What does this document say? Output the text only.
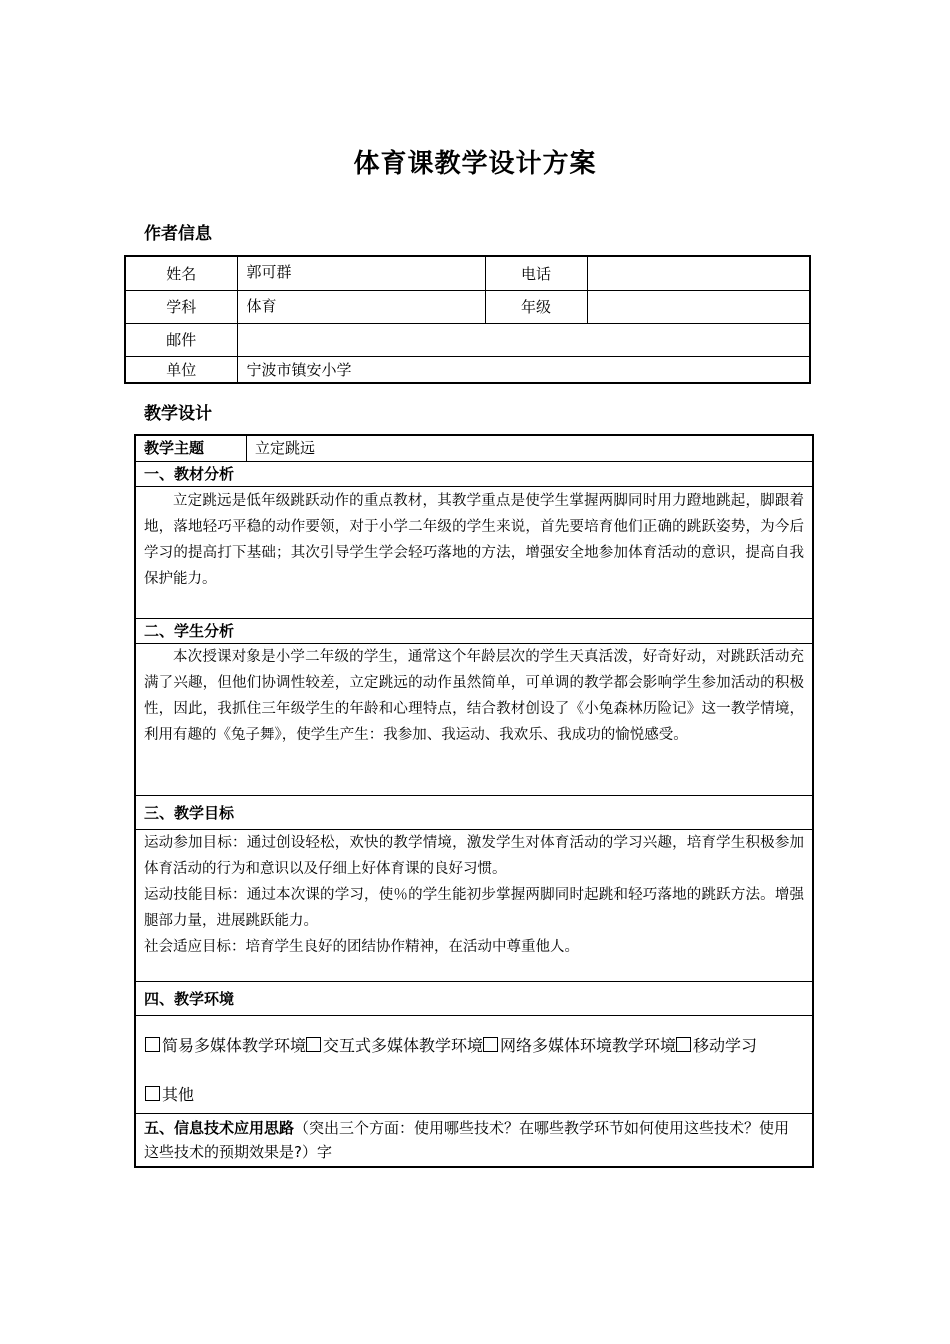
体育课教学设计方案
作者信息
姓名	郭可群	电话	
学科	体育	年级	
邮件			
单位	宁波市镇安小学		
教学设计
教学主题	立定跳远
一、教材分析
立定跳远是低年级跳跃动作的重点教材，其教学重点是使学生掌握两脚同时用力蹬地跳起，脚跟着地，落地轻巧平稳的动作要领，对于小学二年级的学生来说，首先要培育他们正确的跳跃姿势，为今后学习的提高打下基础；其次引导学生学会轻巧落地的方法，增强安全地参加体育活动的意识，提高自我保护能力。
二、学生分析
本次授课对象是小学二年级的学生，通常这个年龄层次的学生天真活泼，好奇好动，对跳跃活动充满了兴趣，但他们协调性较差，立定跳远的动作虽然简单，可单调的教学都会影响学生参加活动的积极性，因此，我抓住三年级学生的年龄和心理特点，结合教材创设了《小兔森林历险记》这一教学情境，利用有趣的《兔子舞》，使学生产生：我参加、我运动、我欢乐、我成功的愉悦感受。
三、教学目标

运动参加目标：通过创设轻松，欢快的教学情境，激发学生对体育活动的学习兴趣，培育学生积极参加体育活动的行为和意识以及仔细上好体育课的良好习惯。
运动技能目标：通过本次课的学习，使％的学生能初步掌握两脚同时起跳和轻巧落地的跳跃方法。增强腿部力量，进展跳跃能力。
社会适应目标：培育学生良好的团结协作精神，在活动中尊重他人。

四、教学环境

简易多媒体教学环境 交互式多媒体教学环境 网络多媒体环境教学环境 移动学习
其他

五、信息技术应用思路（突出三个方面：使用哪些技术？在哪些教学环节如何使用这些技术？使用这些技术的预期效果是?）字
